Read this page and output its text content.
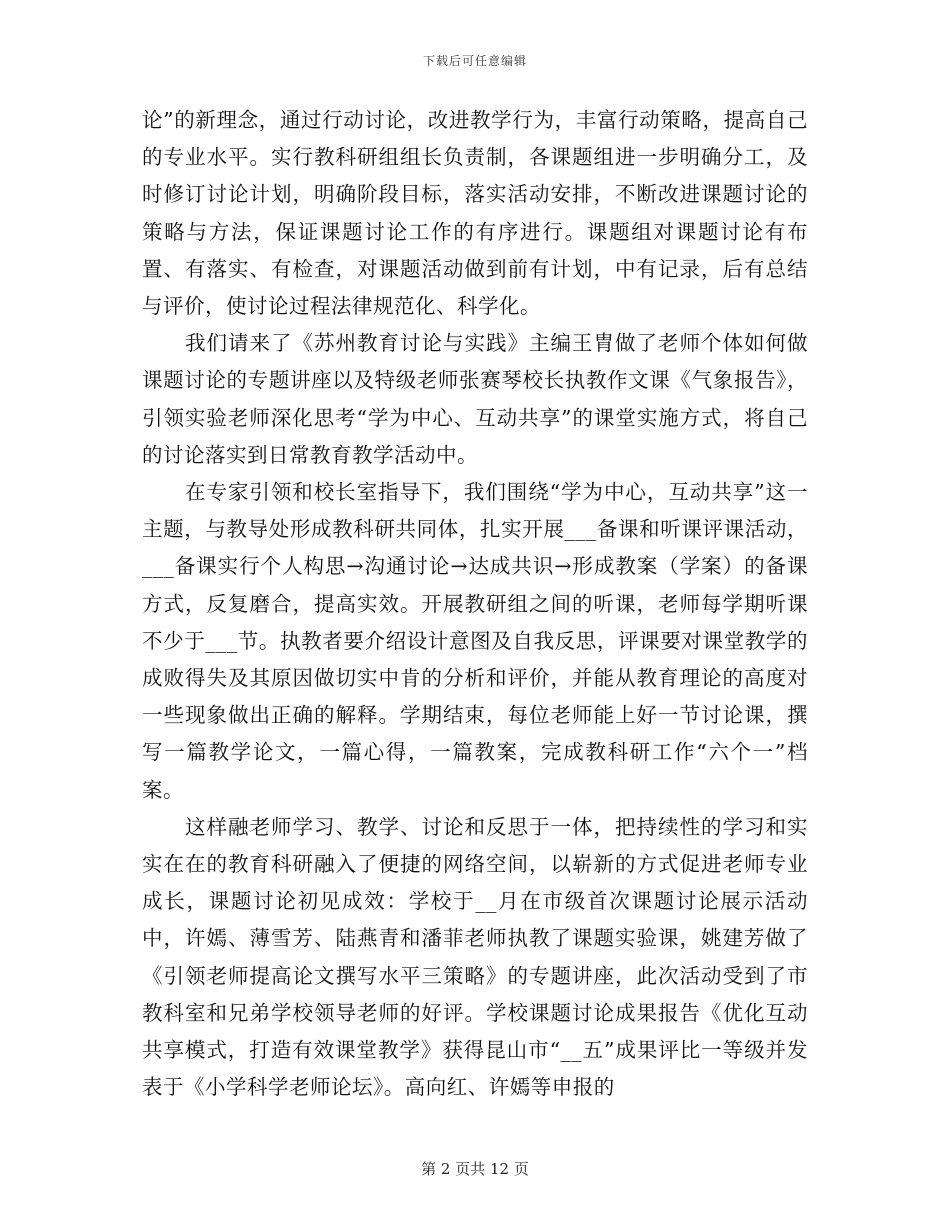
下载后可任意编辑

论”的新理念，通过行动讨论，改进教学行为，丰富行动策略，提高自己的专业水平。实行教科研组组长负责制，各课题组进一步明确分工，及时修订讨论计划，明确阶段目标，落实活动安排，不断改进课题讨论的策略与方法，保证课题讨论工作的有序进行。课题组对课题讨论有布置、有落实、有检查，对课题活动做到前有计划，中有记录，后有总结与评价，使讨论过程法律规范化、科学化。

我们请来了《苏州教育讨论与实践》主编王胄做了老师个体如何做课题讨论的专题讲座以及特级老师张赛琴校长执教作文课《气象报告》，引领实验老师深化思考“学为中心、互动共享”的课堂实施方式，将自己的讨论落实到日常教育教学活动中。

在专家引领和校长室指导下，我们围绕“学为中心，互动共享”这一主题，与教导处形成教科研共同体，扎实开展___备课和听课评课活动，___备课实行个人构思→沟通讨论→达成共识→形成教案（学案）的备课方式，反复磨合，提高实效。开展教研组之间的听课，老师每学期听课不少于___节。执教者要介绍设计意图及自我反思，评课要对课堂教学的成败得失及其原因做切实中肯的分析和评价，并能从教育理论的高度对一些现象做出正确的解释。学期结束，每位老师能上好一节讨论课，撰写一篇教学论文，一篇心得，一篇教案，完成教科研工作“六个一”档案。

这样融老师学习、教学、讨论和反思于一体，把持续性的学习和实实在在的教育科研融入了便捷的网络空间，以崭新的方式促进老师专业成长，课题讨论初见成效：学校于__月在市级首次课题讨论展示活动中，许嫣、薄雪芳、陆燕青和潘菲老师执教了课题实验课，姚建芳做了《引领老师提高论文撰写水平三策略》的专题讲座，此次活动受到了市教科室和兄弟学校领导老师的好评。学校课题讨论成果报告《优化互动共享模式，打造有效课堂教学》获得昆山市“__五”成果评比一等级并发表于《小学科学老师论坛》。高向红、许嫣等申报的

第 2 页共 12 页
